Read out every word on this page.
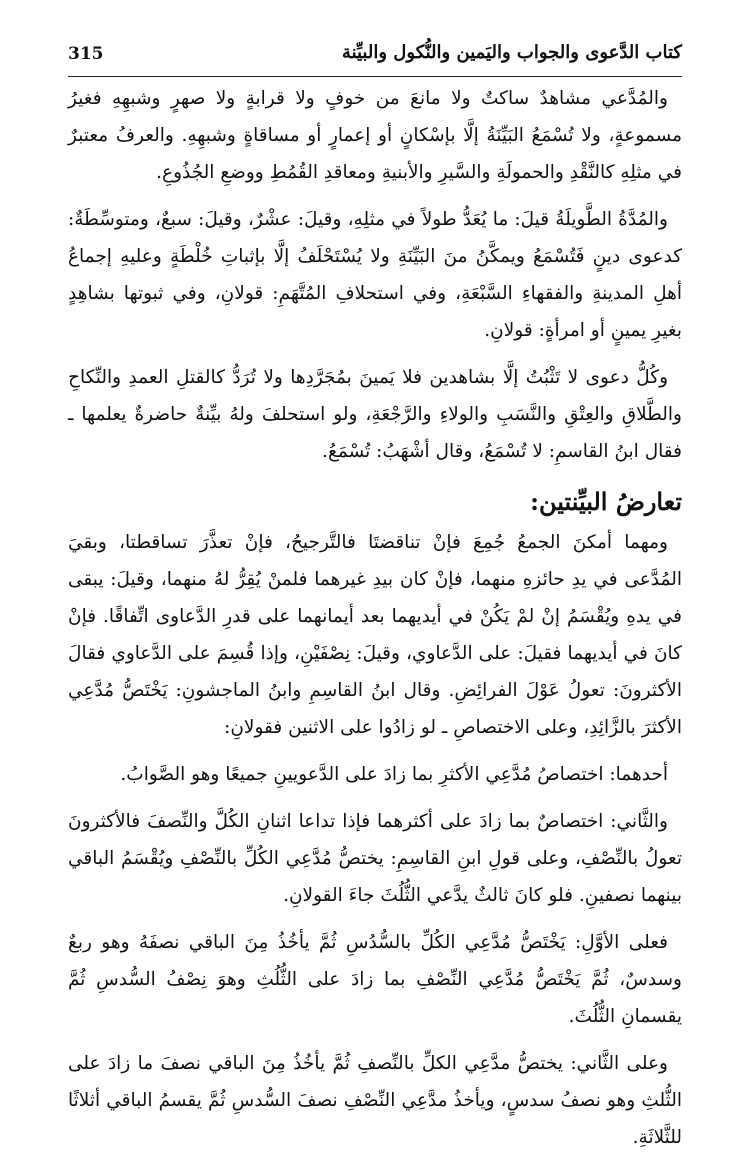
كتاب الدَّعوى والجواب واليَمين والنُّكول والبيِّنة
315

والمُدَّعي مشاهدٌ ساكتٌ ولا مانعَ من خوفٍ ولا قرابةٍ ولا صهرٍ وشبهِهِ فغيرُ مسموعةٍ، ولا تُسْمَعُ البَيِّنَةُ إلَّا بإسْكانٍ أو إعمارٍ أو مساقاةٍ وشبهِهِ. والعرفُ معتبرٌ في مثلِهِ كالنَّقْدِ والحمولَةِ والسَّيرِ والأبنيةِ ومعاقدِ القُمُطِ ووضعِ الجُذُوعِ.

والمُدَّةُ الطَّويلَةُ قيلَ: ما يُعَدُّ طولاً في مثلِهِ، وقيلَ: عشْرٌ، وقيلَ: سبعٌ، ومتوسِّطَةٌ: كدعوى دينٍ فَتُسْمَعُ ويمكَّنُ منَ البَيِّنَةِ ولا يُسْتَحْلَفُ إلَّا بإثباتِ خُلْطَةٍ وعليهِ إجماعُ أهلِ المدينةِ والفقهاءِ السَّبْعَةِ، وفي استحلافِ المُتَّهَمِ: قولانِ، وفي ثبوتها بشاهِدٍ بغيرِ يمينٍ أو امرأةٍ: قولانِ.

وكُلُّ دعوى لا تَثْبُتُ إلَّا بشاهدين فلا يَمينَ بمُجَرَّدِها ولا تُرَدُّ كالقتلِ العمدِ والنِّكاحِ والطَّلاقِ والعِتْقِ والنَّسَبِ والولاءِ والرَّجْعَةِ، ولو استحلفَ ولهُ بيِّنةٌ حاضرةٌ يعلمها ـ فقال ابنُ القاسمِ: لا تُسْمَعُ، وقال أشْهَبُ: تُسْمَعُ.

تعارضُ البيِّنتين:

ومهما أمكنَ الجمعُ جُمِعَ فإنْ تناقضتَا فالتَّرجيحُ، فإنْ تعذَّرَ تساقطتا، وبقيَ المُدَّعى في يدِ حائزهِ منهما، فإنْ كان بيدِ غيرهما فلمنْ يُقِرُّ لهُ منهما، وقيلَ: يبقى في يدهِ ويُقْسَمُ إنْ لمْ يَكُنْ في أيديهما بعد أيمانهما على قدرِ الدَّعاوى اتِّفاقًا. فإنْ كانَ في أيديهما فقيلَ: على الدَّعاوي، وقيلَ: نِصْفَيْنِ، وإذا قُسِمَ على الدَّعاوي فقالَ الأكثرونَ: تعولُ عَوْلَ الفرائِضِ. وقال ابنُ القاسِمِ وابنُ الماجشونِ: يَخْتَصُّ مُدَّعِي الأكثرَ بالزَّائِدِ، وعلى الاختصاصِ ـ لو زادُوا على الاثنين فقولانِ:

أحدهما: اختصاصُ مُدَّعِي الأكثرِ بما زادَ على الدَّعويينِ جميعًا وهو الصَّوابُ.

والثَّاني: اختصاصٌ بما زادَ على أكثرهما فإذا تداعا اثنانِ الكُلَّ والنِّصفَ فالأكثرونَ تعولُ بالنِّصْفِ، وعلى قولِ ابنِ القاسِمِ: يختصُّ مُدَّعِي الكُلِّ بالنِّصْفِ ويُقْسَمُ الباقي بينهما نصفينِ. فلو كانَ ثالثٌ يدَّعي الثُّلُثَ جاءَ القولانِ.

فعلى الأوَّلِ: يَخْتَصُّ مُدَّعِي الكُلِّ بالسُّدُسِ ثُمَّ يأخُذُ مِنَ الباقي نصفَهُ وهو ربعٌ وسدسٌ، ثُمَّ يَخْتَصُّ مُدَّعِي النِّصْفِ بما زادَ على الثُّلُثِ وهوَ نِصْفُ السُّدسِ ثُمَّ يقسمانِ الثُّلُثَ.

وعلى الثَّاني: يختصُّ مدَّعِي الكلِّ بالنِّصفِ ثُمَّ يأخُذُ مِنَ الباقي نصفَ ما زادَ على الثُّلثِ وهو نصفُ سدسٍ، ويأخذُ مدَّعِي النِّصْفِ نصفَ السُّدسِ ثُمَّ يقسمُ الباقي أثلاثًا للثَّلاثَةِ.
